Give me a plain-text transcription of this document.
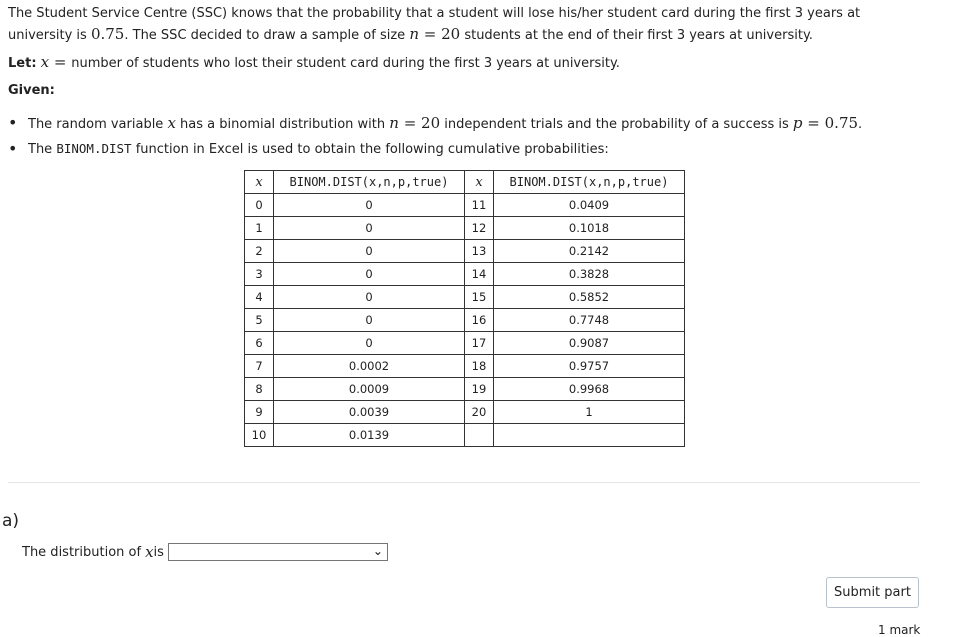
The Student Service Centre (SSC) knows that the probability that a student will lose his/her student card during the first 3 years at university is 0.75. The SSC decided to draw a sample of size n = 20 students at the end of their first 3 years at university.
Let: x = number of students who lost their student card during the first 3 years at university.
Given:
• The random variable x has a binomial distribution with n = 20 independent trials and the probability of a success is p = 0.75.
• The BINOM.DIST function in Excel is used to obtain the following cumulative probabilities:
x	BINOM.DIST(x,n,p,true)	x	BINOM.DIST(x,n,p,true)
0	0	11	0.0409
1	0	12	0.1018
2	0	13	0.2142
3	0	14	0.3828
4	0	15	0.5852
5	0	16	0.7748
6	0	17	0.9087
7	0.0002	18	0.9757
8	0.0009	19	0.9968
9	0.0039	20	1
10	0.0139		
a)
The distribution of x is	⌄
Submit part
1 mark
